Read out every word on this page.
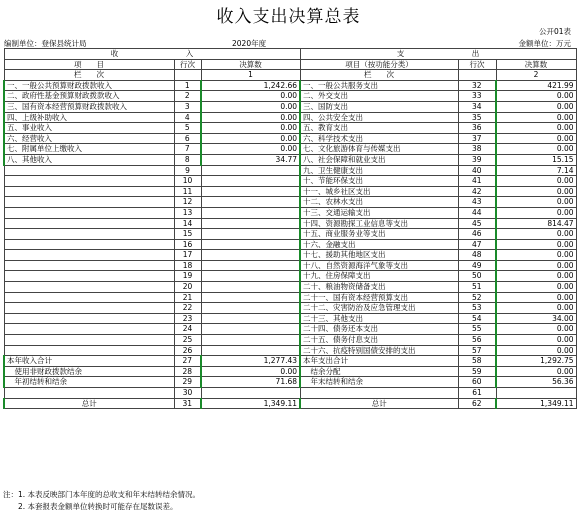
收入支出决算总表
公开01表
编制单位：登保县统计局	2020年度	金额单位：万元
收　　　　　　　　　 入			支　　　　　　　　　 出		
项　　目	行次	决算数	项目（按功能分类）	行次	决算数
栏　　次		1	栏　　次		2
一、一般公共预算财政拨款收入	1	1,242.66	一、一般公共服务支出	32	421.99
二、政府性基金预算财政拨款收入	2	0.00	二、外交支出	33	0.00
三、国有资本经营预算财政拨款收入	3	0.00	三、国防支出	34	0.00
四、上级补助收入	4	0.00	四、公共安全支出	35	0.00
五、事业收入	5	0.00	五、教育支出	36	0.00
六、经营收入	6	0.00	六、科学技术支出	37	0.00
七、附属单位上缴收入	7	0.00	七、文化旅游体育与传媒支出	38	0.00
八、其他收入	8	34.77	八、社会保障和就业支出	39	15.15
	9		九、卫生健康支出	40	7.14
	10		十、节能环保支出	41	0.00
	11		十一、城乡社区支出	42	0.00
	12		十二、农林水支出	43	0.00
	13		十三、交通运输支出	44	0.00
	14		十四、资源勘探工业信息等支出	45	814.47
	15		十五、商业服务业等支出	46	0.00
	16		十六、金融支出	47	0.00
	17		十七、援助其他地区支出	48	0.00
	18		十八、自然资源海洋气象等支出	49	0.00
	19		十九、住房保障支出	50	0.00
	20		二十、粮油物资储备支出	51	0.00
	21		二十一、国有资本经营预算支出	52	0.00
	22		二十二、灾害防治及应急管理支出	53	0.00
	23		二十三、其他支出	54	34.00
	24		二十四、债务还本支出	55	0.00
	25		二十五、债务付息支出	56	0.00
	26		二十六、抗疫特别国债安排的支出	57	0.00
本年收入合计	27	1,277.43	本年支出合计	58	1,292.75
　使用非财政拨款结余	28	0.00	　结余分配	59	0.00
　年初结转和结余	29	71.68	　年末结转和结余	60	56.36
	30			61	
总计	31	1,349.11	总计	62	1,349.11
注：1. 本表反映部门本年度的总收支和年末结转结余情况。
　　2. 本套报表金额单位转换时可能存在尾数误差。
